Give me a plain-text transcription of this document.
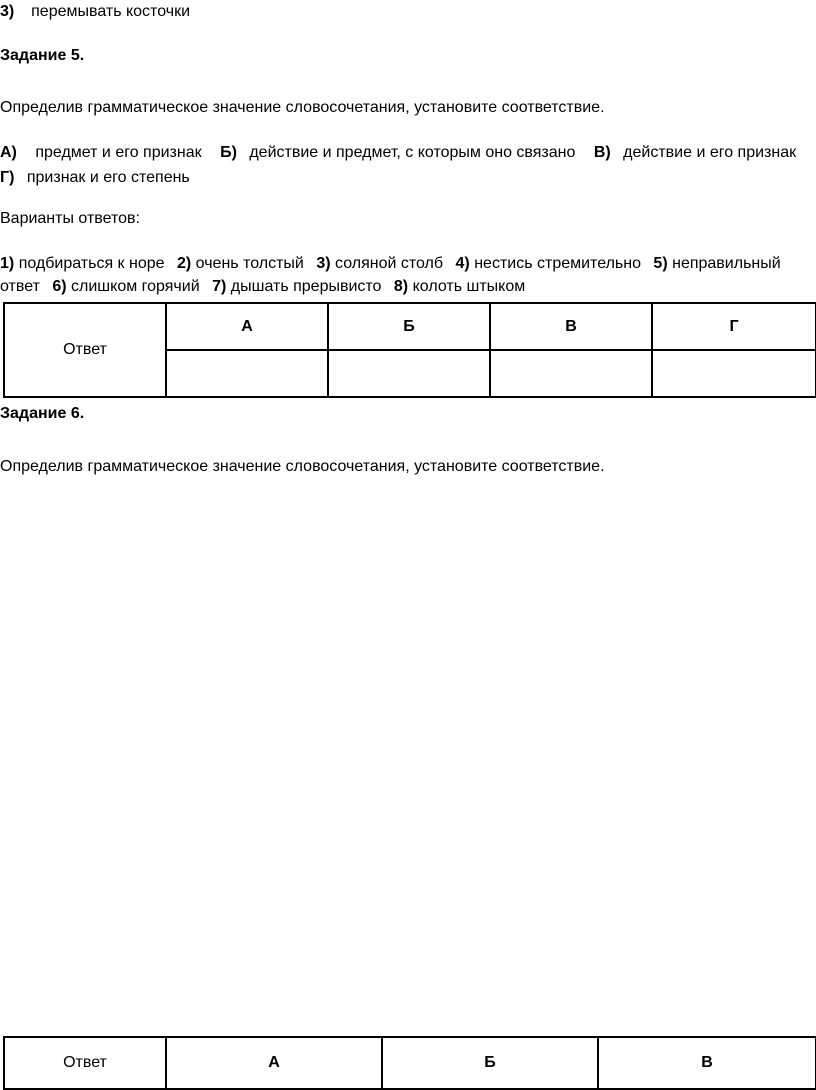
3) перемывать косточки
Задание 5.
Определив грамматическое значение словосочетания, установите соответствие.
А) предмет и его признак Б) действие и предмет, с которым оно связано В) действие и его признак
Г) признак и его степень
Варианты ответов:
1) подбираться к норе 2) очень толстый 3) соляной столб 4) нестись стремительно 5) неправильный
ответ 6) слишком горячий 7) дышать прерывисто 8) колоть штыком
Ответ	А	Б	В	Г

Задание 6.
Определив грамматическое значение словосочетания, установите соответствие.
Ответ	А	Б	В
